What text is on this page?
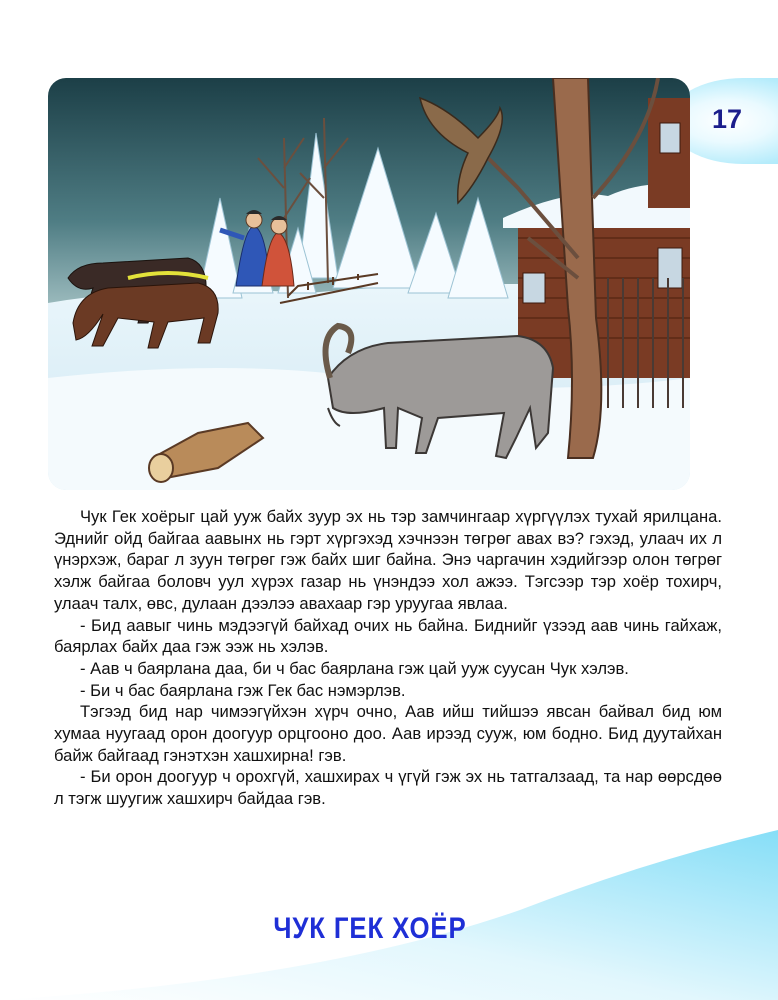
17

Чук Гек хоёрыг цай ууж байх зуур эх нь тэр замчингаар хүргүүлэх тухай ярилцана. Эднийг ойд байгаа аавынх нь гэрт хүргэхэд хэчнээн төгрөг авах вэ? гэхэд, улаач их л үнэрхэж, бараг л зуун төгрөг гэж байх шиг байна. Энэ чаргачин хэдийгээр олон төгрөг хэлж байгаа боловч уул хүрэх газар нь үнэндээ хол ажээ. Тэгсээр тэр хоёр тохирч, улаач талх, өвс, дулаан дээлээ авахаар гэр уруугаа явлаа.

- Бид аавыг чинь мэдээгүй байхад очих нь байна. Биднийг үзээд аав чинь гайхаж, баярлах байх даа гэж ээж нь хэлэв.

- Аав ч баярлана даа, би ч бас баярлана гэж цай ууж суусан Чук хэлэв.

- Би ч бас баярлана гэж Гек бас нэмэрлэв.

Тэгээд бид нар чимээгүйхэн хүрч очно, Аав ийш тийшээ явсан байвал бид юм хумаа нуугаад орон доогуур орцгооно доо. Аав ирээд сууж, юм бодно. Бид дуутайхан байж байгаад гэнэтхэн хашхирна! гэв.

- Би орон доогуур ч орохгүй, хашхирах ч үгүй гэж эх нь татгалзаад, та нар өөрсдөө л тэгж шуугиж хашхирч байдаа гэв.

ЧУК ГЕК ХОЁР
